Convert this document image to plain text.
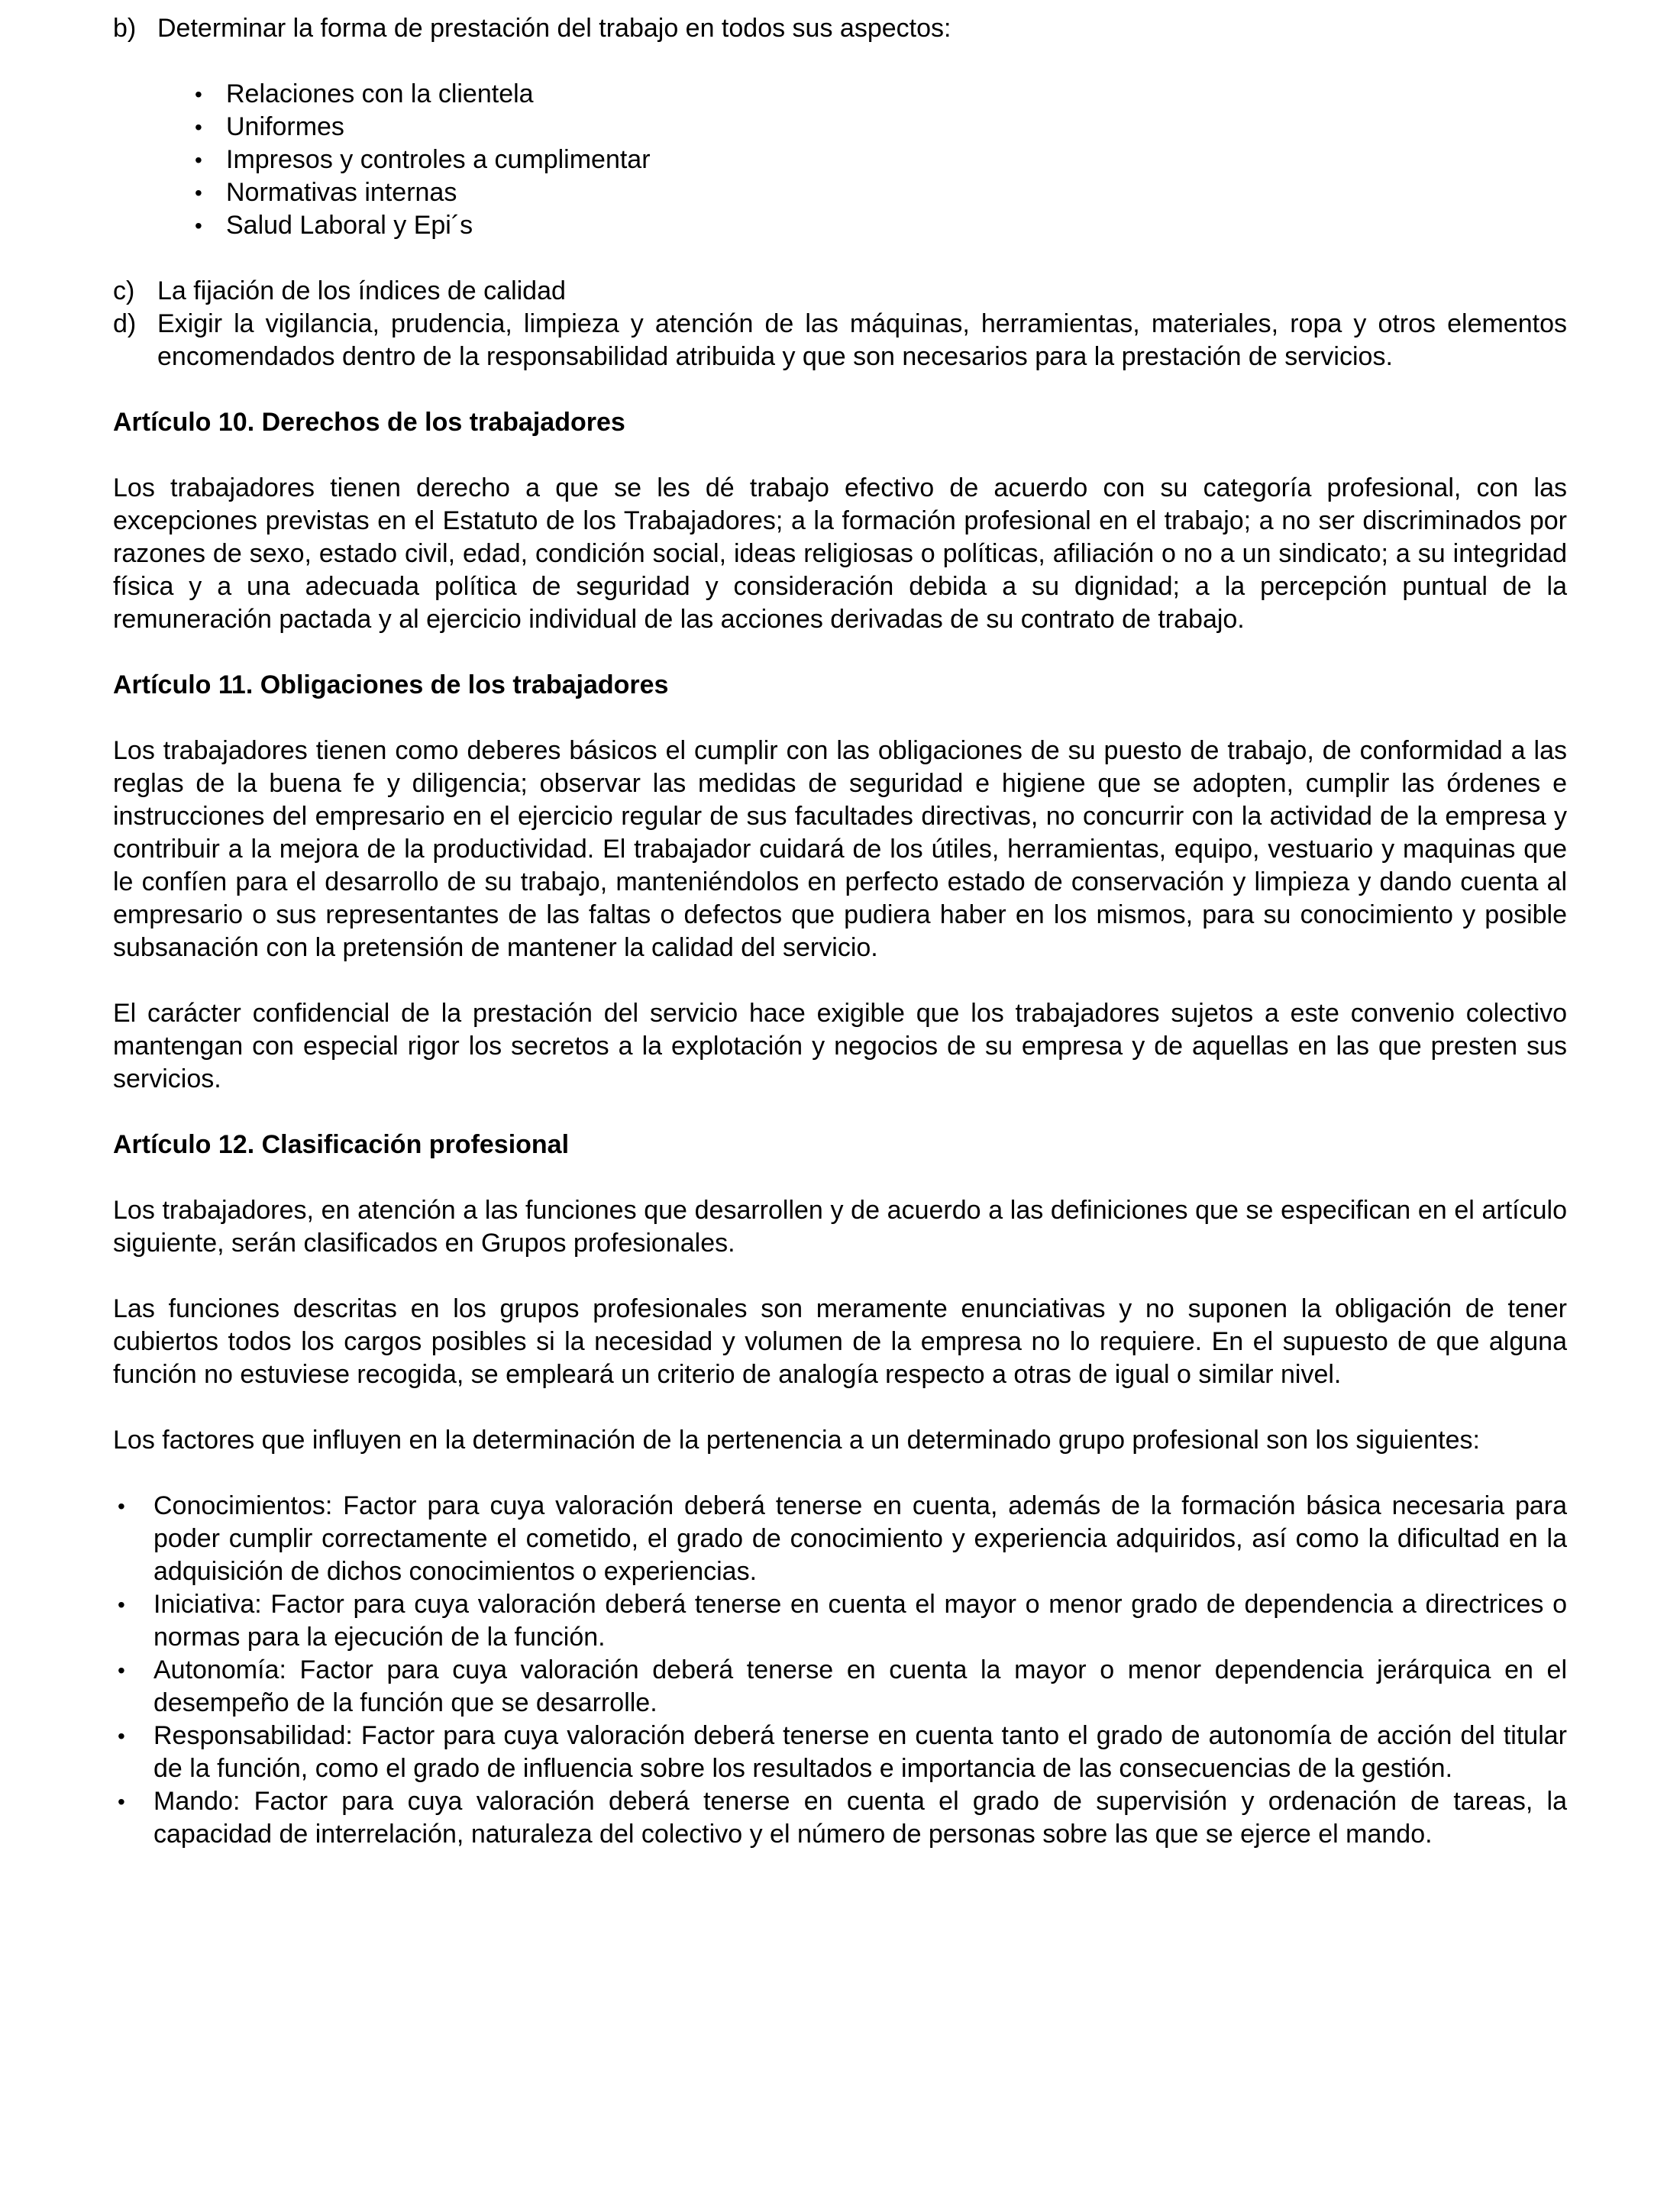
b) Determinar la forma de prestación del trabajo en todos sus aspectos:
• Relaciones con la clientela
• Uniformes
• Impresos y controles a cumplimentar
• Normativas internas
• Salud Laboral y Epi´s
c) La fijación de los índices de calidad
d) Exigir la vigilancia, prudencia, limpieza y atención de las máquinas, herramientas, materiales, ropa y otros elementos encomendados dentro de la responsabilidad atribuida y que son necesarios para la prestación de servicios.
Artículo 10. Derechos de los trabajadores

Los trabajadores tienen derecho a que se les dé trabajo efectivo de acuerdo con su categoría profesional, con las excepciones previstas en el Estatuto de los Trabajadores; a la formación profesional en el trabajo; a no ser discriminados por razones de sexo, estado civil, edad, condición social, ideas religiosas o políticas, afiliación o no a un sindicato; a su integridad física y a una adecuada política de seguridad y consideración debida a su dignidad; a la percepción puntual de la remuneración pactada y al ejercicio individual de las acciones derivadas de su contrato de trabajo.

Artículo 11. Obligaciones de los trabajadores

Los trabajadores tienen como deberes básicos el cumplir con las obligaciones de su puesto de trabajo, de conformidad a las reglas de la buena fe y diligencia; observar las medidas de seguridad e higiene que se adopten, cumplir las órdenes e instrucciones del empresario en el ejercicio regular de sus facultades directivas, no concurrir con la actividad de la empresa y contribuir a la mejora de la productividad. El trabajador cuidará de los útiles, herramientas, equipo, vestuario y maquinas que le confíen para el desarrollo de su trabajo, manteniéndolos en perfecto estado de conservación y limpieza y dando cuenta al empresario o sus representantes de las faltas o defectos que pudiera haber en los mismos, para su conocimiento y posible subsanación con la pretensión de mantener la calidad del servicio.

El carácter confidencial de la prestación del servicio hace exigible que los trabajadores sujetos a este convenio colectivo mantengan con especial rigor los secretos a la explotación y negocios de su empresa y de aquellas en las que presten sus servicios.

Artículo 12. Clasificación profesional

Los trabajadores, en atención a las funciones que desarrollen y de acuerdo a las definiciones que se especifican en el artículo siguiente, serán clasificados en Grupos profesionales.

Las funciones descritas en los grupos profesionales son meramente enunciativas y no suponen la obligación de tener cubiertos todos los cargos posibles si la necesidad y volumen de la empresa no lo requiere. En el supuesto de que alguna función no estuviese recogida, se empleará un criterio de analogía respecto a otras de igual o similar nivel.

Los factores que influyen en la determinación de la pertenencia a un determinado grupo profesional son los siguientes:

•	Conocimientos: Factor para cuya valoración deberá tenerse en cuenta, además de la formación básica necesaria para poder cumplir correctamente el cometido, el grado de conocimiento y experiencia adquiridos, así como la dificultad en la adquisición de dichos conocimientos o experiencias.
•	Iniciativa: Factor para cuya valoración deberá tenerse en cuenta el mayor o menor grado de dependencia a directrices o normas para la ejecución de la función.
•	Autonomía: Factor para cuya valoración deberá tenerse en cuenta la mayor o menor dependencia jerárquica en el desempeño de la función que se desarrolle.
•	Responsabilidad: Factor para cuya valoración deberá tenerse en cuenta tanto el grado de autonomía de acción del titular de la función, como el grado de influencia sobre los resultados e importancia de las consecuencias de la gestión.
•	Mando: Factor para cuya valoración deberá tenerse en cuenta el grado de supervisión y ordenación de tareas, la capacidad de interrelación, naturaleza del colectivo y el número de personas sobre las que se ejerce el mando.
